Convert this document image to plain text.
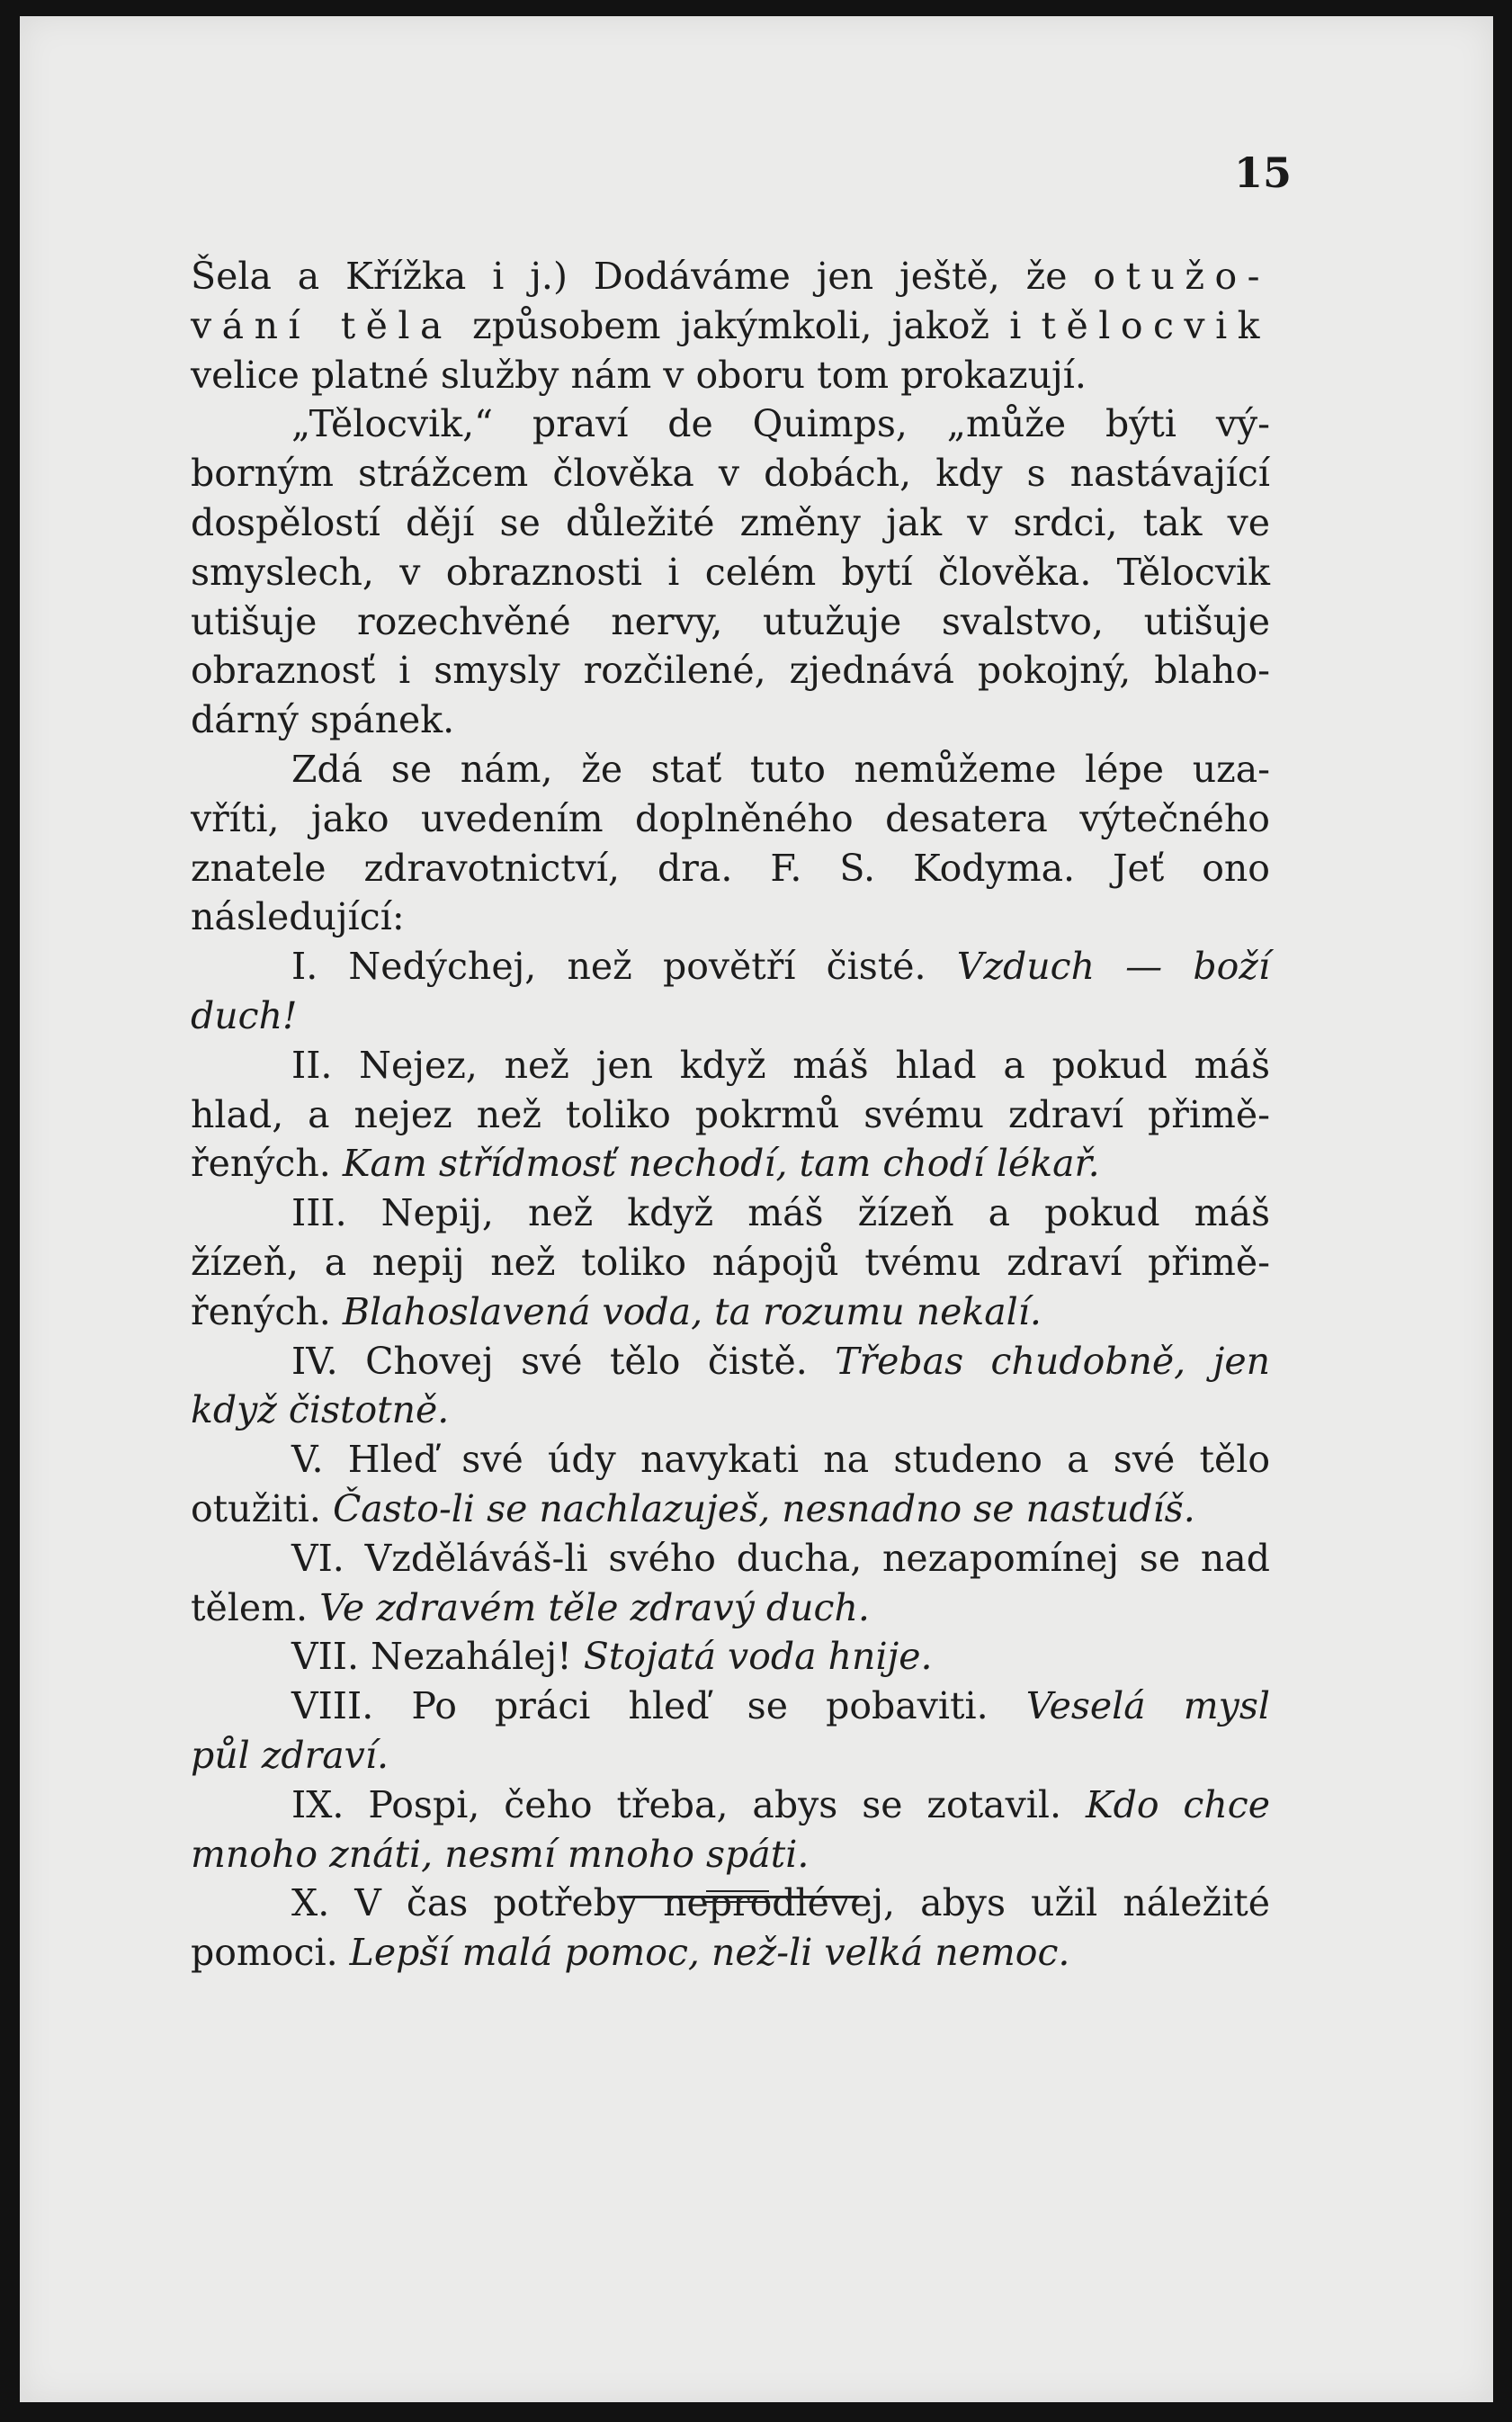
15
Šela a Křížka i j.) Dodáváme jen ještě, že otužo-
vání těla způsobem jakýmkoli, jakož i tělocvik
velice platné služby nám v oboru tom prokazují.
„Tělocvik,“ praví de Quimps, „může býti vý-
borným strážcem člověka v dobách, kdy s nastávající
dospělostí dějí se důležité změny jak v srdci, tak ve
smyslech, v obraznosti i celém bytí člověka. Tělocvik
utišuje rozechvěné nervy, utužuje svalstvo, utišuje
obraznosť i smysly rozčilené, zjednává pokojný, blaho-
dárný spánek.
Zdá se nám, že stať tuto nemůžeme lépe uza-
vříti, jako uvedením doplněného desatera výtečného
znatele zdravotnictví, dra. F. S. Kodyma. Jeť ono
následující:
I. Nedýchej, než povětří čisté. Vzduch — boží
duch!
II. Nejez, než jen když máš hlad a pokud máš
hlad, a nejez než toliko pokrmů svému zdraví přimě-
řených. Kam střídmosť nechodí, tam chodí lékař.
III. Nepij, než když máš žízeň a pokud máš
žízeň, a nepij než toliko nápojů tvému zdraví přimě-
řených. Blahoslavená voda, ta rozumu nekalí.
IV. Chovej své tělo čistě. Třebas chudobně, jen
když čistotně.
V. Hleď své údy navykati na studeno a své tělo
otužiti. Často-li se nachlazuješ, nesnadno se nastudíš.
VI. Vzděláváš-li svého ducha, nezapomínej se nad
tělem. Ve zdravém těle zdravý duch.
VII. Nezahálej! Stojatá voda hnije.
VIII. Po práci hleď se pobaviti. Veselá mysl
půl zdraví.
IX. Pospi, čeho třeba, abys se zotavil. Kdo chce
mnoho znáti, nesmí mnoho spáti.
X. V čas potřeby neprodlévej, abys užil náležité
pomoci. Lepší malá pomoc, než-li velká nemoc.
